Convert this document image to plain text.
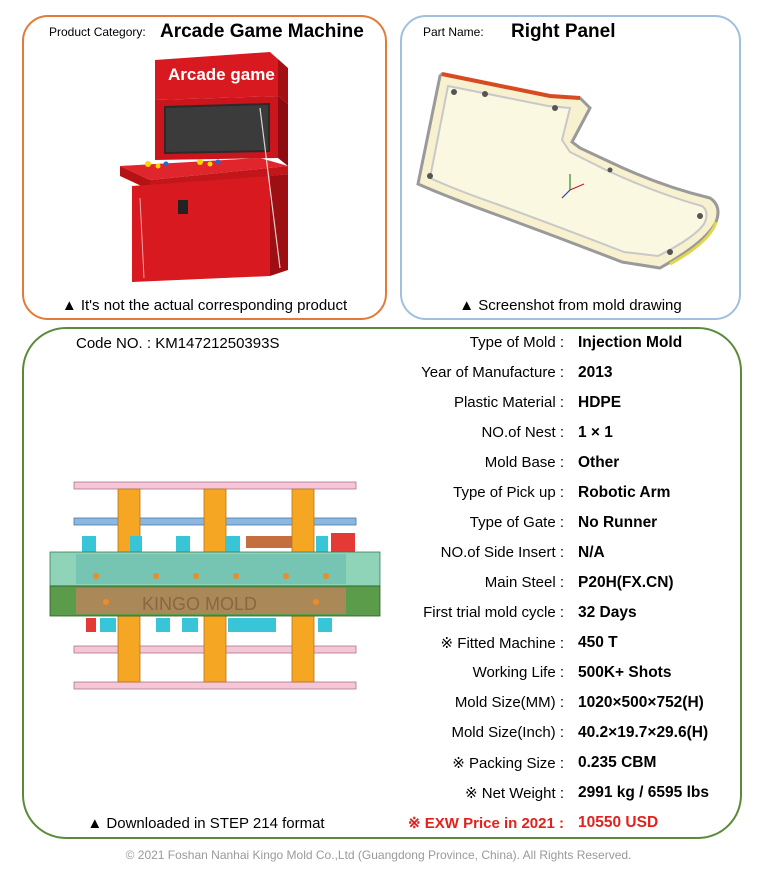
Product Category: Arcade Game Machine
Arcade game
▲ It's not the actual corresponding product
Part Name: Right Panel
▲ Screenshot from mold drawing
Code NO. : KM14721250393S
KINGO MOLD
▲ Downloaded in STEP 214 format
Type of Mold : Injection Mold
Year of Manufacture : 2013
Plastic Material : HDPE
NO.of Nest : 1 × 1
Mold Base : Other
Type of Pick up : Robotic Arm
Type of Gate : No Runner
NO.of Side Insert : N/A
Main Steel : P20H(FX.CN)
First trial mold cycle : 32 Days
※ Fitted Machine : 450 T
Working Life : 500K+ Shots
Mold Size(MM) : 1020×500×752(H)
Mold Size(Inch) : 40.2×19.7×29.6(H)
※ Packing Size : 0.235 CBM
※ Net Weight : 2991 kg / 6595 lbs
※ EXW Price in 2021 : 10550 USD
© 2021 Foshan Nanhai Kingo Mold Co.,Ltd (Guangdong Province, China). All Rights Reserved.
